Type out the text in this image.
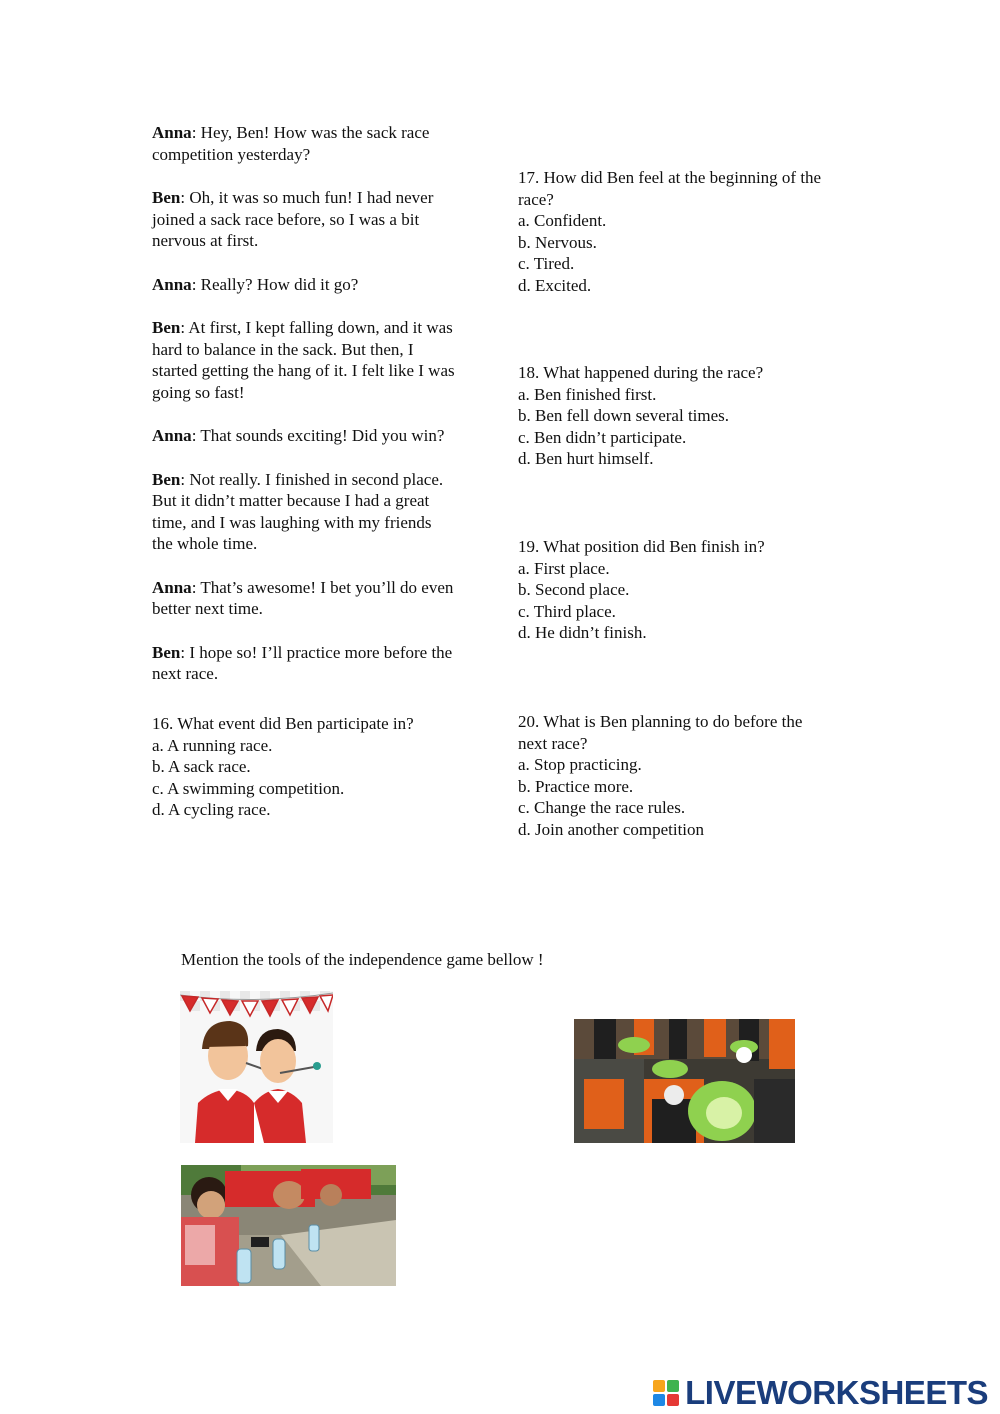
Anna: Hey, Ben! How was the sack race
competition yesterday?

Ben: Oh, it was so much fun! I had never
joined a sack race before, so I was a bit
nervous at first.

Anna: Really? How did it go?

Ben: At first, I kept falling down, and it was
hard to balance in the sack. But then, I
started getting the hang of it. I felt like I was
going so fast!

Anna: That sounds exciting! Did you win?

Ben: Not really. I finished in second place.
But it didn’t matter because I had a great
time, and I was laughing with my friends
the whole time.

Anna: That’s awesome! I bet you’ll do even
better next time.

Ben: I hope so! I’ll practice more before the
next race.

16. What event did Ben participate in?

a. A running race.

b. A sack race.

c. A swimming competition.

d. A cycling race.

17. How did Ben feel at the beginning of the
race?

a. Confident.

b. Nervous.

c. Tired.

d. Excited.

18. What happened during the race?

a. Ben finished first.

b. Ben fell down several times.

c. Ben didn’t participate.

d. Ben hurt himself.

19. What position did Ben finish in?

a. First place.

b. Second place.

c. Third place.

d. He didn’t finish.

20. What is Ben planning to do before the
next race?

a. Stop practicing.

b. Practice more.

c. Change the race rules.

d. Join another competition

Mention the tools of the independence game bellow !
LIVEWORKSHEETS
